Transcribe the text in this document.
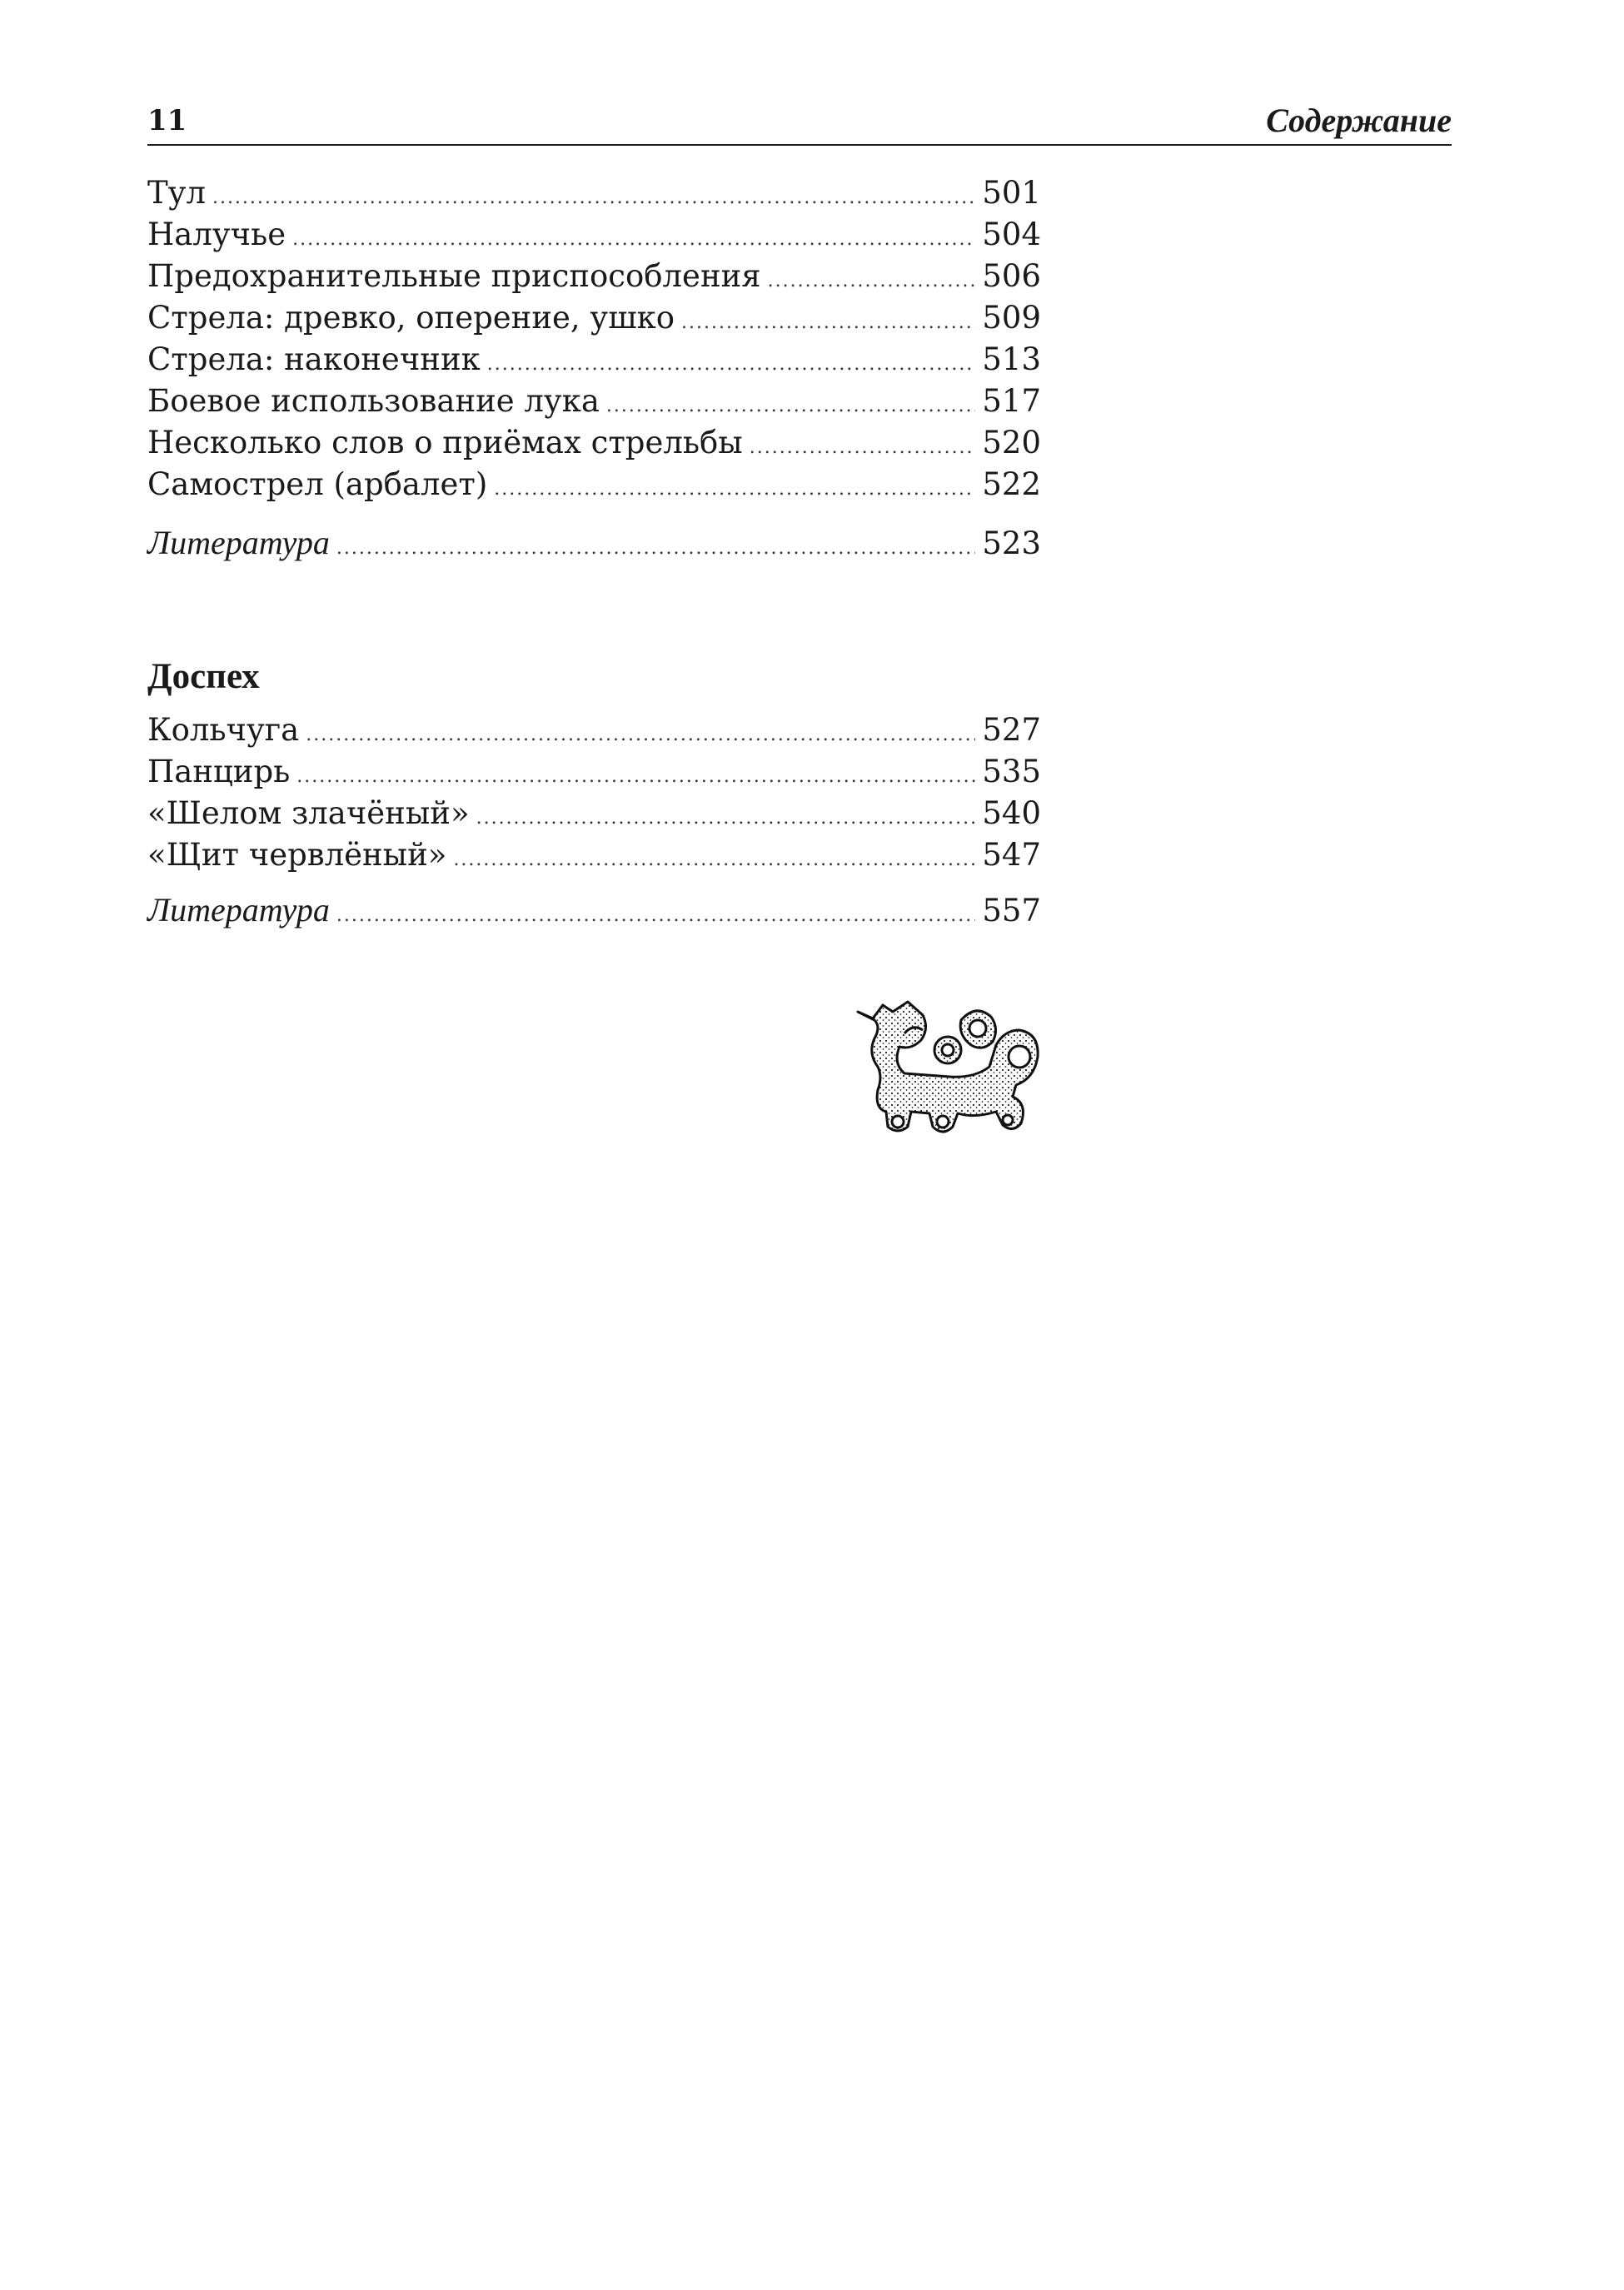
11	Содержание
Тул .....	501
Налучье .....	504
Предохранительные приспособления .....	506
Стрела: древко, оперение, ушко .....	509
Стрела: наконечник .....	513
Боевое использование лука .....	517
Несколько слов о приёмах стрельбы .....	520
Самострел (арбалет) .....	522
Литература .....	523
Доспех
Кольчуга .....	527
Панцирь .....	535
«Шелом злачёный» .....	540
«Щит червлёный» .....	547
Литература .....	557
